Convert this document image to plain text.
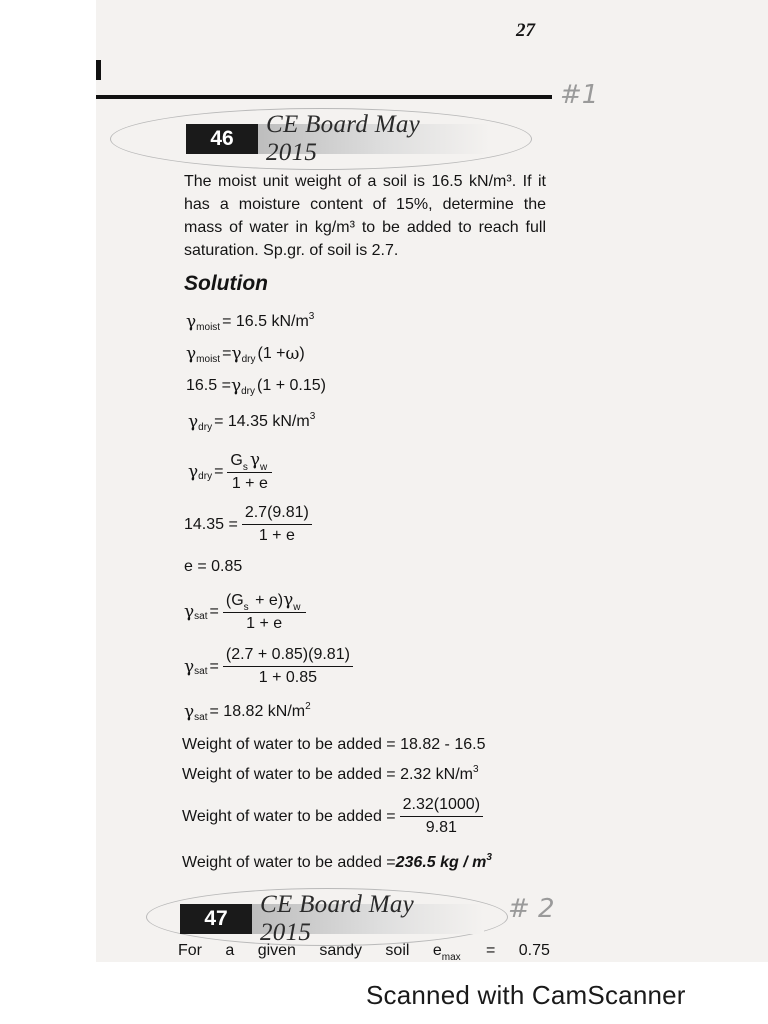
27
#1
# 2
46
CE Board May 2015
The moist unit weight of a soil is 16.5 kN/m³. If it has a moisture content of 15%, determine the mass of water in kg/m³ to be added to reach full saturation. Sp.gr. of soil is 2.7.
Solution
γ moist = 16.5 kN/m 3
γ moist = γ dry (1 + ω )
16.5 = γ dry (1 + 0.15)
γ dry = 14.35 kN/m 3
γ dry = $\frac{G_s \gamma_w}{1 + e}$
$14.35 = \frac{2.7(9.81)}{1 + e}$
e = 0.85
γ sat = $\frac{(G_s + e)\gamma_w}{1 + e}$
γ sat = $\frac{(2.7 + 0.85)(9.81)}{1 + 0.85}$
γ sat = 18.82 kN/m 2
Weight of water to be added = 18.82 - 16.5
Weight of water to be added = 2.32 kN/m 3
Weight of water to be added = $\frac{2.32(1000)}{9.81}$
Weight of water to be added = 236.5 kg / m 3
47
CE Board May 2015
For a given sandy soil $e_{max} = 0.75$
Scanned with CamScanner
